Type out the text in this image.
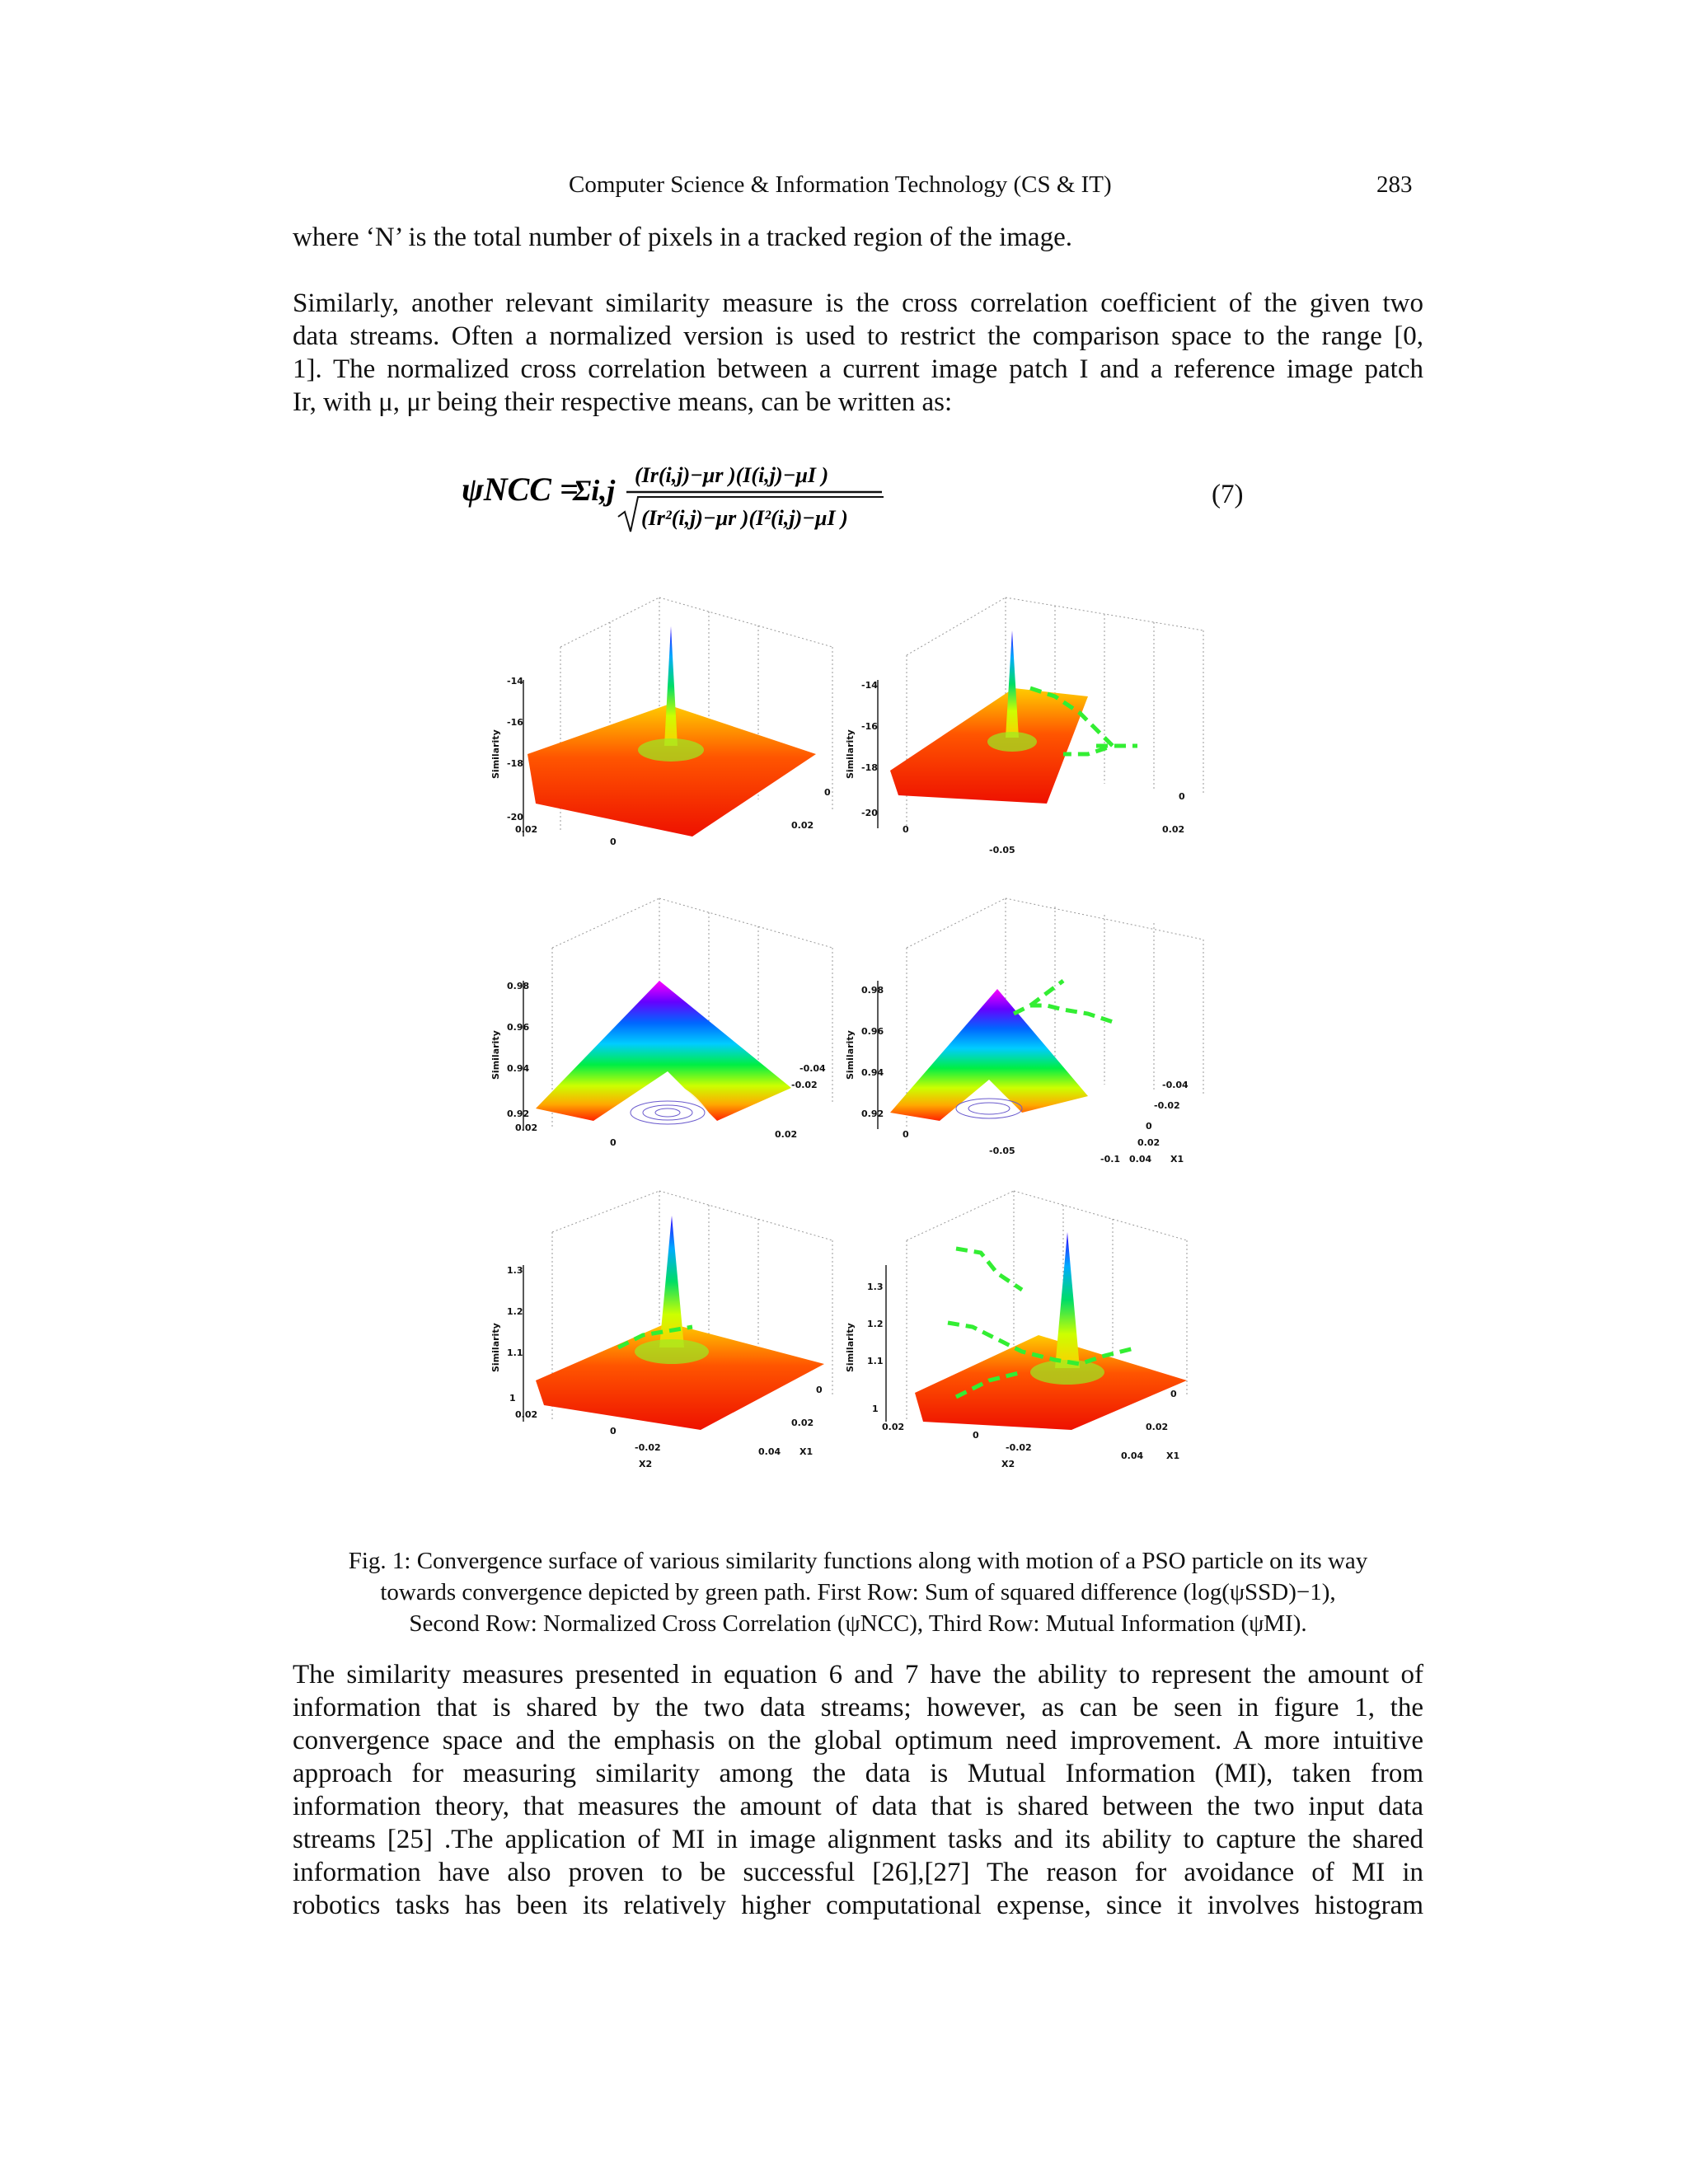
Computer Science & Information Technology (CS & IT)	283
where ‘N’ is the total number of pixels in a tracked region of the image.
Similarly, another relevant similarity measure is the cross correlation coefficient of the given two
data streams. Often a normalized version is used to restrict the comparison space to the range [0,
1]. The normalized cross correlation between a current image patch I and a reference image patch
Ir, with μ, μr being their respective means, can be written as:
ψNCC =
Σi,j (Ir(i,j)−μr )(I(i,j)−μI )
(Ir²(i,j)−μr )(I²(i,j)−μI )
(7)
-14
-16
-18
-20
0.02
0
0.02
0
Similarity
-14
-16
-18
-20
0
-0.05
0.02
0
Similarity
0.98
0.96
0.94
0.92
0.02
0
0.02
-0.02
-0.04
Similarity
0.98
0.96
0.94
0.92
0
-0.05
-0.1 0.04
0.02
0
-0.02
-0.04
X1
Similarity
1.3
1.2
1.1
1
0.02
0
-0.02	0.04
0.02
0
X1
X2
Similarity
1.3
1.2
1.1
1
0.02
0
-0.02
0.04
0.02
0
X1
X2
Similarity
Fig. 1: Convergence surface of various similarity functions along with motion of a PSO particle on its way
towards convergence depicted by green path. First Row: Sum of squared difference (log(ψSSD)−1),
Second Row: Normalized Cross Correlation (ψNCC), Third Row: Mutual Information (ψMI).
The similarity measures presented in equation 6 and 7 have the ability to represent the amount of
information that is shared by the two data streams; however, as can be seen in figure 1, the
convergence space and the emphasis on the global optimum need improvement. A more intuitive
approach for measuring similarity among the data is Mutual Information (MI), taken from
information theory, that measures the amount of data that is shared between the two input data
streams [25] .The application of MI in image alignment tasks and its ability to capture the shared
information have also proven to be successful [26],[27] The reason for avoidance of MI in
robotics tasks has been its relatively higher computational expense, since it involves histogram
